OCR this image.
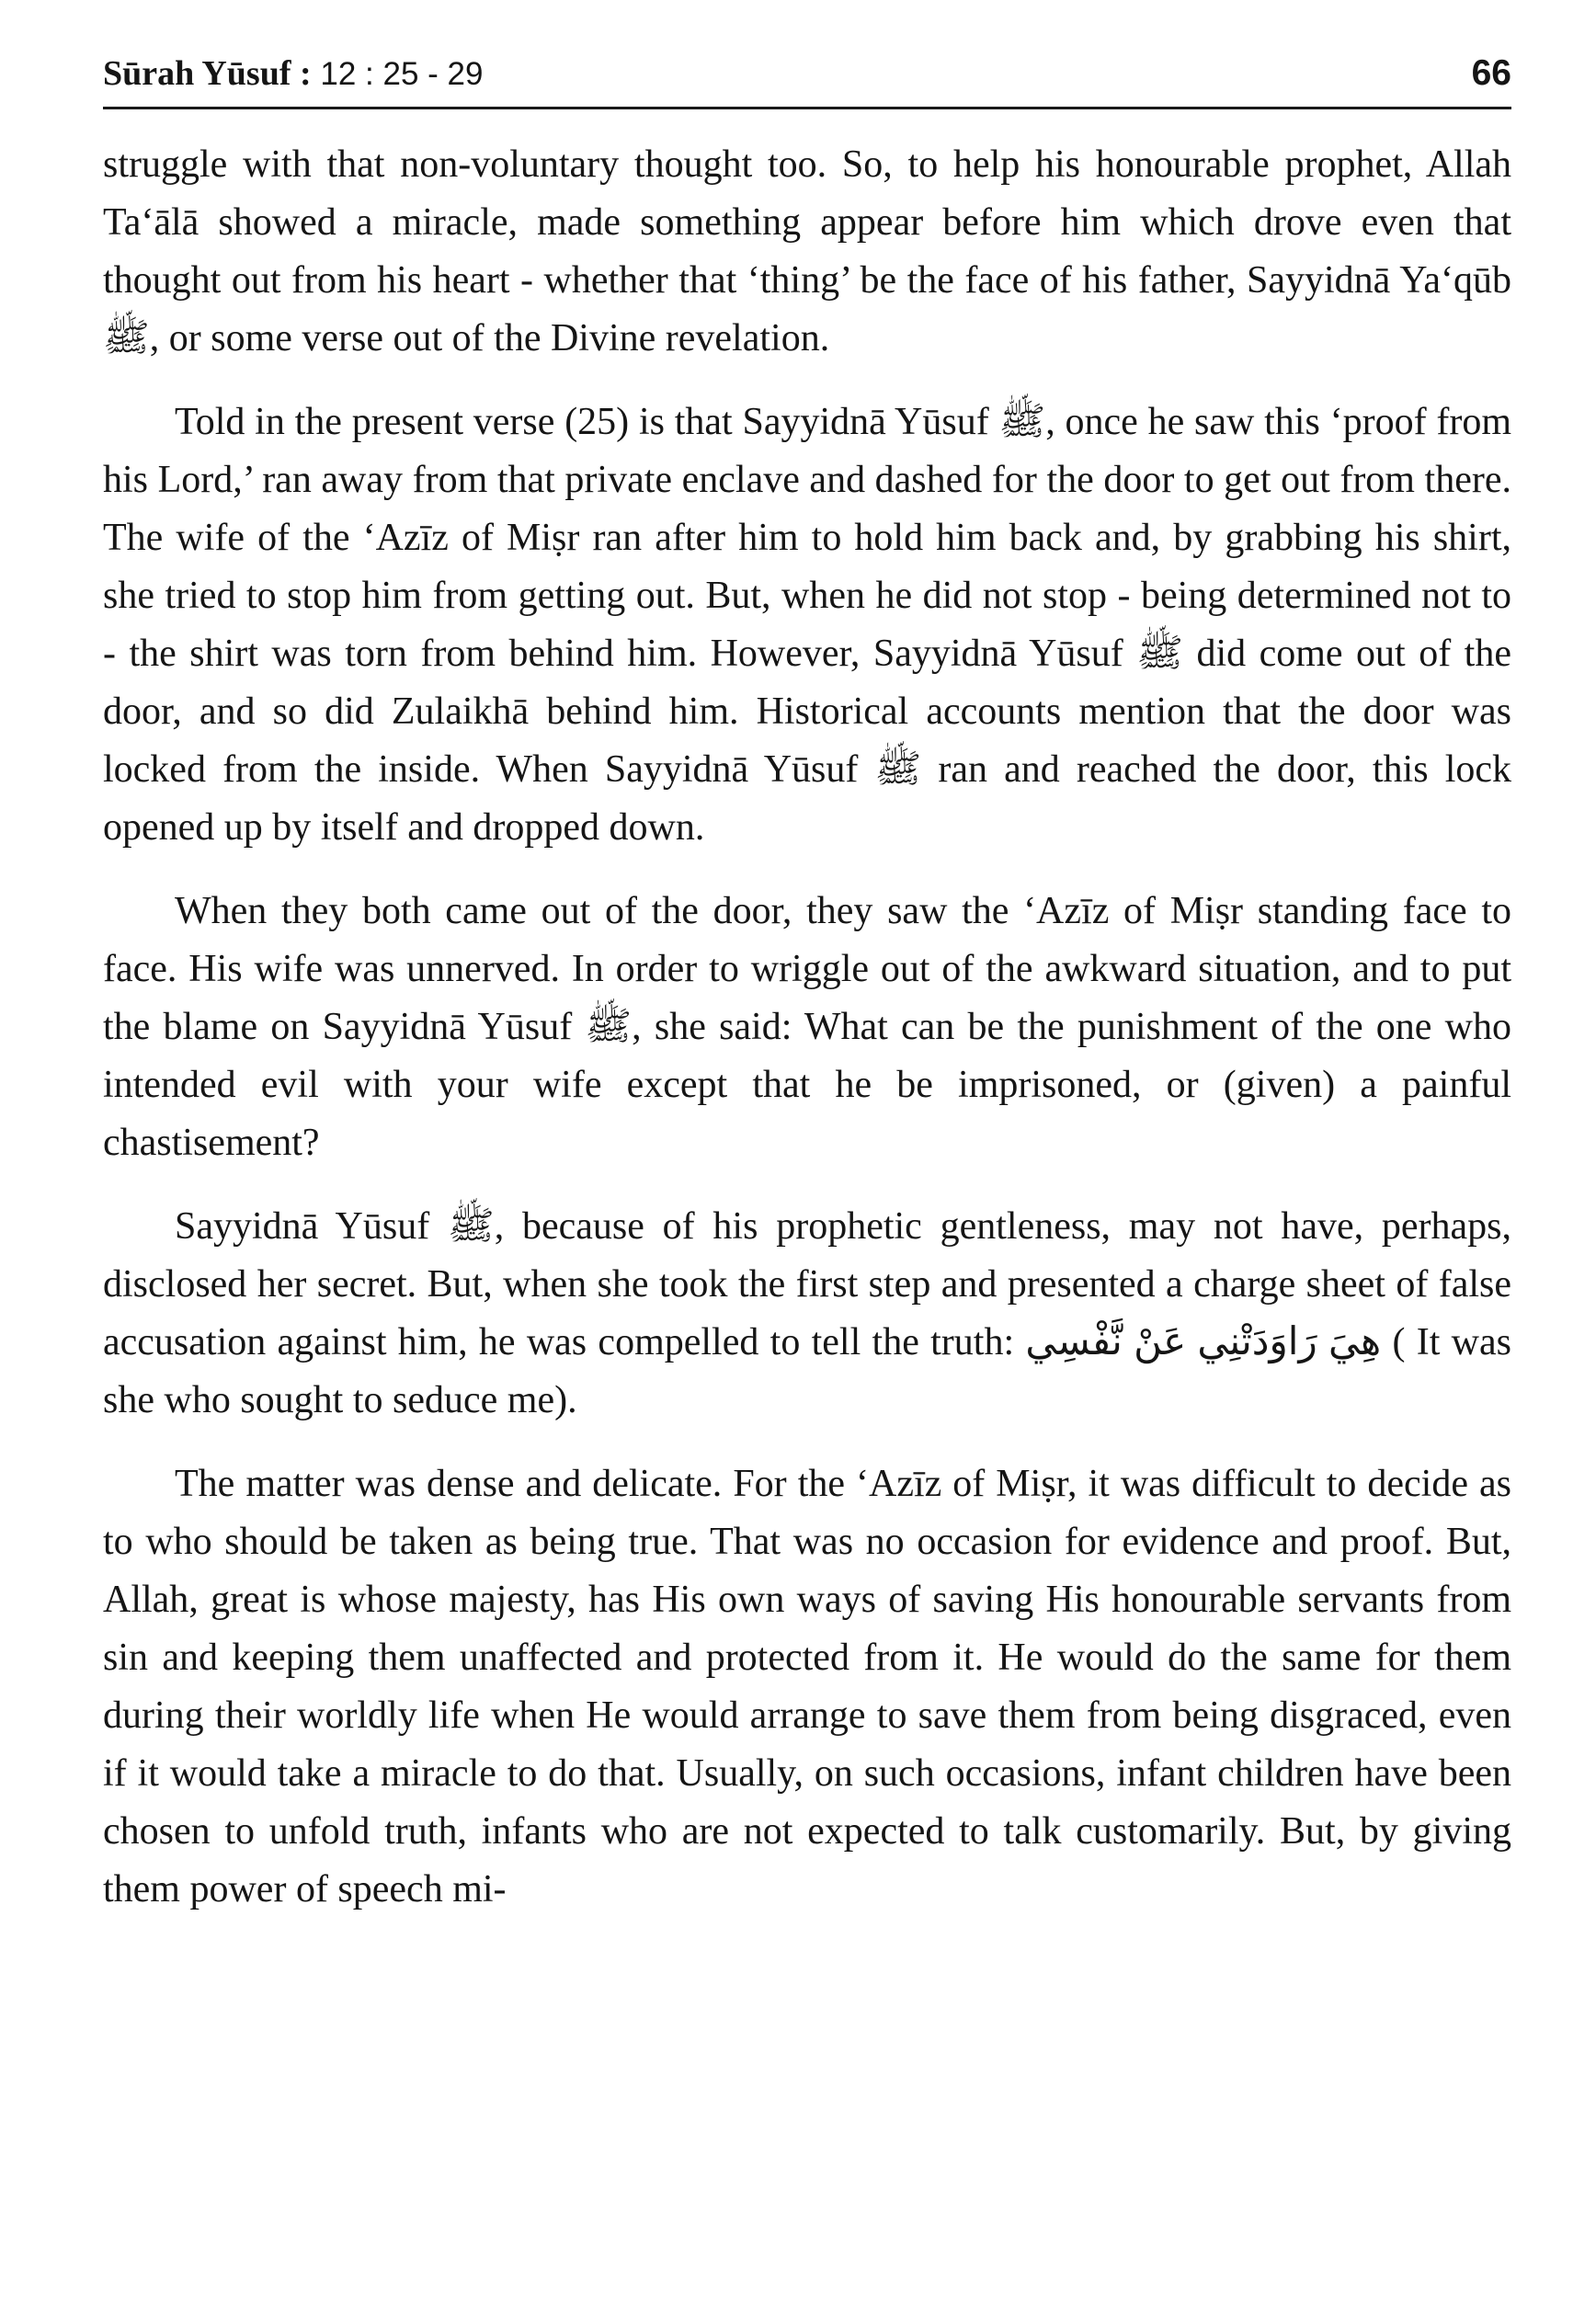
Sūrah Yūsuf : 12 : 25 - 29	66

struggle with that non-voluntary thought too. So, to help his honourable prophet, Allah Ta‘ālā showed a miracle, made something appear before him which drove even that thought out from his heart - whether that ‘thing’ be the face of his father, Sayyidnā Ya‘qūb ﷺ, or some verse out of the Divine revelation.

Told in the present verse (25) is that Sayyidnā Yūsuf ﷺ, once he saw this ‘proof from his Lord,’ ran away from that private enclave and dashed for the door to get out from there. The wife of the ‘Azīz of Miṣr ran after him to hold him back and, by grabbing his shirt, she tried to stop him from getting out. But, when he did not stop - being determined not to - the shirt was torn from behind him. However, Sayyidnā Yūsuf ﷺ did come out of the door, and so did Zulaikhā behind him. Historical accounts mention that the door was locked from the inside. When Sayyidnā Yūsuf ﷺ ran and reached the door, this lock opened up by itself and dropped down.

When they both came out of the door, they saw the ‘Azīz of Miṣr standing face to face. His wife was unnerved. In order to wriggle out of the awkward situation, and to put the blame on Sayyidnā Yūsuf ﷺ, she said: What can be the punishment of the one who intended evil with your wife except that he be imprisoned, or (given) a painful chastisement?

Sayyidnā Yūsuf ﷺ, because of his prophetic gentleness, may not have, perhaps, disclosed her secret. But, when she took the first step and presented a charge sheet of false accusation against him, he was compelled to tell the truth: هِيَ رَاوَدَتْنِي عَنْ نَّفْسِي ( It was she who sought to seduce me).

The matter was dense and delicate. For the ‘Azīz of Miṣr, it was difficult to decide as to who should be taken as being true. That was no occasion for evidence and proof. But, Allah, great is whose majesty, has His own ways of saving His honourable servants from sin and keeping them unaffected and protected from it. He would do the same for them during their worldly life when He would arrange to save them from being disgraced, even if it would take a miracle to do that. Usually, on such occasions, infant children have been chosen to unfold truth, infants who are not expected to talk customarily. But, by giving them power of speech mi-
